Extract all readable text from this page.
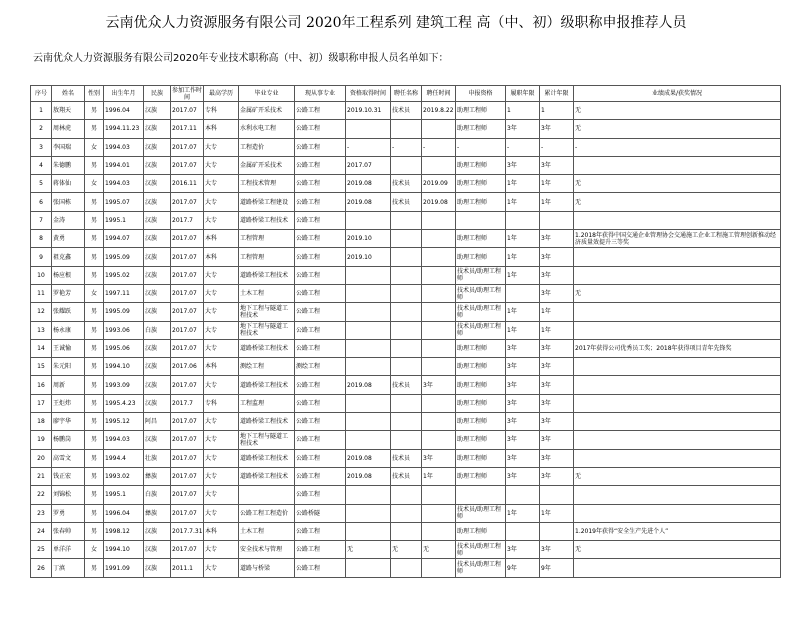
云南优众人力资源服务有限公司 2020年工程系列 建筑工程 高（中、初）级职称申报推荐人员
云南优众人力资源服务有限公司2020年专业技术职称高（中、初）级职称申报人员名单如下：
序号	姓名	性别	出生年月	民族	参加工作时间	最高学历	毕业专业	现从事专业	资格取得时间	聘任名称	聘任时间	申报资格	履职年限	累计年限	业绩成果/获奖情况
1	敖翔天	男	1996.04	汉族	2017.07	专科	金属矿开采技术	公路工程	2019.10.31	技术员	2019.8.22	助理工程师	1	1	无
2	周林虎	男	1994.11.23	汉族	2017.11	本科	水利水电工程	公路工程				助理工程师	3年	3年	无
3	李国瑞	女	1994.03	汉族	2017.07	大专	工程造价	公路工程	-	-	-	-	-	-	-
4	朱德鹏	男	1994.01	汉族	2017.07	大专	金属矿开采技术	公路工程	2017.07			助理工程师	3年	3年	
5	蒋体仙	女	1994.03	汉族	2016.11	大专	工程技术管理	公路工程	2019.08	技术员	2019.09	助理工程师	1年	1年	无
6	张国栋	男	1995.07	汉族	2017.07	大专	道路桥梁工程建设	公路工程	2019.08	技术员	2019.08	助理工程师	1年	1年	无
7	金涛	男	1995.1	汉族	2017.7	大专	道路桥梁工程技术	公路工程							
8	黄勇	男	1994.07	汉族	2017.07	本科	工程管理	公路工程	2019.10			助理工程师	1年	3年	1.2018年获得中国交通企业管理协会交通施工企业工程施工管理创新推动经济质量效提升三等奖
9	祖克鑫	男	1995.09	汉族	2017.07	本科	工程管理	公路工程	2019.10			助理工程师	1年	3年	
10	杨应根	男	1995.02	汉族	2017.07	大专	道路桥梁工程技术	公路工程				技术员/助理工程师	1年	3年	
11	罗艳芳	女	1997.11	汉族	2017.07	大专	土木工程	公路工程				技术员/助理工程师		3年	无
12	张耀跃	男	1995.09	汉族	2017.07	大专	地下工程与隧道工程技术	公路工程				技术员/助理工程师	1年	1年	
13	杨永康	男	1993.06	白族	2017.07	大专	地下工程与隧道工程技术	公路工程				技术员/助理工程师	1年	1年	
14	王诚愉	男	1995.06	汉族	2017.07	大专	道路桥梁工程技术	公路工程				助理工程师	3年	3年	2017年获得公司优秀员工奖；2018年获得项目青年先锋奖
15	朱元阳	男	1994.10	汉族	2017.06	本科	测绘工程	测绘工程				助理工程师	3年	3年	
16	周新	男	1993.09	汉族	2017.07	大专	道路桥梁工程技术	公路工程	2019.08	技术员	3年	助理工程师	3年	3年	
17	王炬炜	男	1995.4.23	汉族	2017.7	专科	工程监理	公路工程				助理工程师	3年	3年	
18	廖宇华	男	1995.12	阿昌	2017.07	大专	道路桥梁工程技术	公路工程				助理工程师	3年	3年	
19	杨鹏岗	男	1994.03	汉族	2017.07	大专	地下工程与隧道工程技术	公路工程				助理工程师	3年	3年	
20	高雪文	男	1994.4	壮族	2017.07	大专	道路桥梁工程技术	公路工程	2019.08	技术员	3年	助理工程师	3年	3年	
21	钱正宏	男	1993.02	彝族	2017.07	大专	道路桥梁工程技术	公路工程	2019.08	技术员	1年	助理工程师	3年	3年	无
22	刘锦松	男	1995.1	白族	2017.07	大专		公路工程							
23	罗勇	男	1996.04	彝族	2017.07	大专	公路工程工程造价	公路桥隧				技术员/助理工程师	1年	1年	
24	张春帅	男	1998.12	汉族	2017.7.31	本科	土木工程	公路工程				助理工程师			1.2019年获得“安全生产先进个人”
25	单洋洋	女	1994.10	汉族	2017.07	大专	安全技术与管理	公路工程	无	无	无	技术员/助理工程师	3年	3年	无
26	丁滇	男	1991.09	汉族	2011.1	大专	道路与桥梁	公路工程				技术员/助理工程师	9年	9年	
